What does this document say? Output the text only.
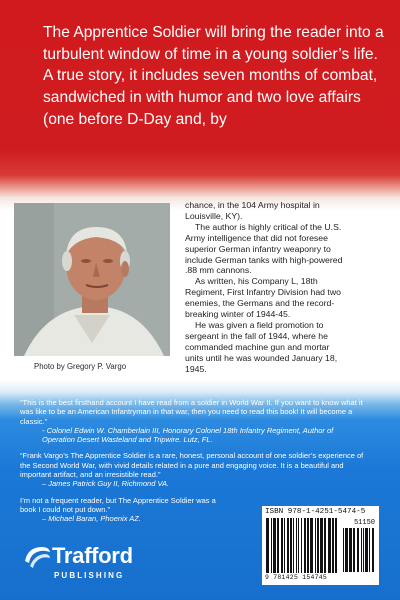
The Apprentice Soldier will bring the reader into a turbulent window of time in a young soldier’s life. A true story, it includes seven months of combat, sandwiched in with humor and two love affairs (one before D-Day and, by
Photo by Gregory P. Vargo

chance, in the 104 Army hospital in Louisville, KY).

The author is highly critical of the U.S. Army intelligence that did not foresee superior German infantry weaponry to include German tanks with high-powered .88 mm cannons.

As written, his Company L, 18th Regiment, First Infantry Division had two enemies, the Germans and the record-breaking winter of 1944-45.

He was given a field promotion to sergeant in the fall of 1944, where he commanded machine gun and mortar units until he was wounded January 18, 1945.

“This is the best firsthand account I have read from a soldier in World War II. If you want to know what it was like to be an American Infantryman in that war, then you need to read this book! It will become a classic.”
- Colonel Edwin W. Chamberlain III, Honorary Colonel 18th Infantry Regiment, Author of Operation Desert Wasteland and Tripwire. Lutz, FL.
“Frank Vargo’s The Apprentice Soldier is a rare, honest, personal account of one soldier’s experience of the Second World War, with vivid details related in a pure and engaging voice. It is a beautiful and important artifact, and an irresistible read.”
– James Patrick Guy II, Richmond VA.
I’m not a frequent reader, but The Apprentice Soldier was a book I could not put down.”
– Michael Baran, Phoenix AZ.
ISBN 978-1-4251-5474-5
51150
9 781425 154745
Trafford
PUBLISHING
